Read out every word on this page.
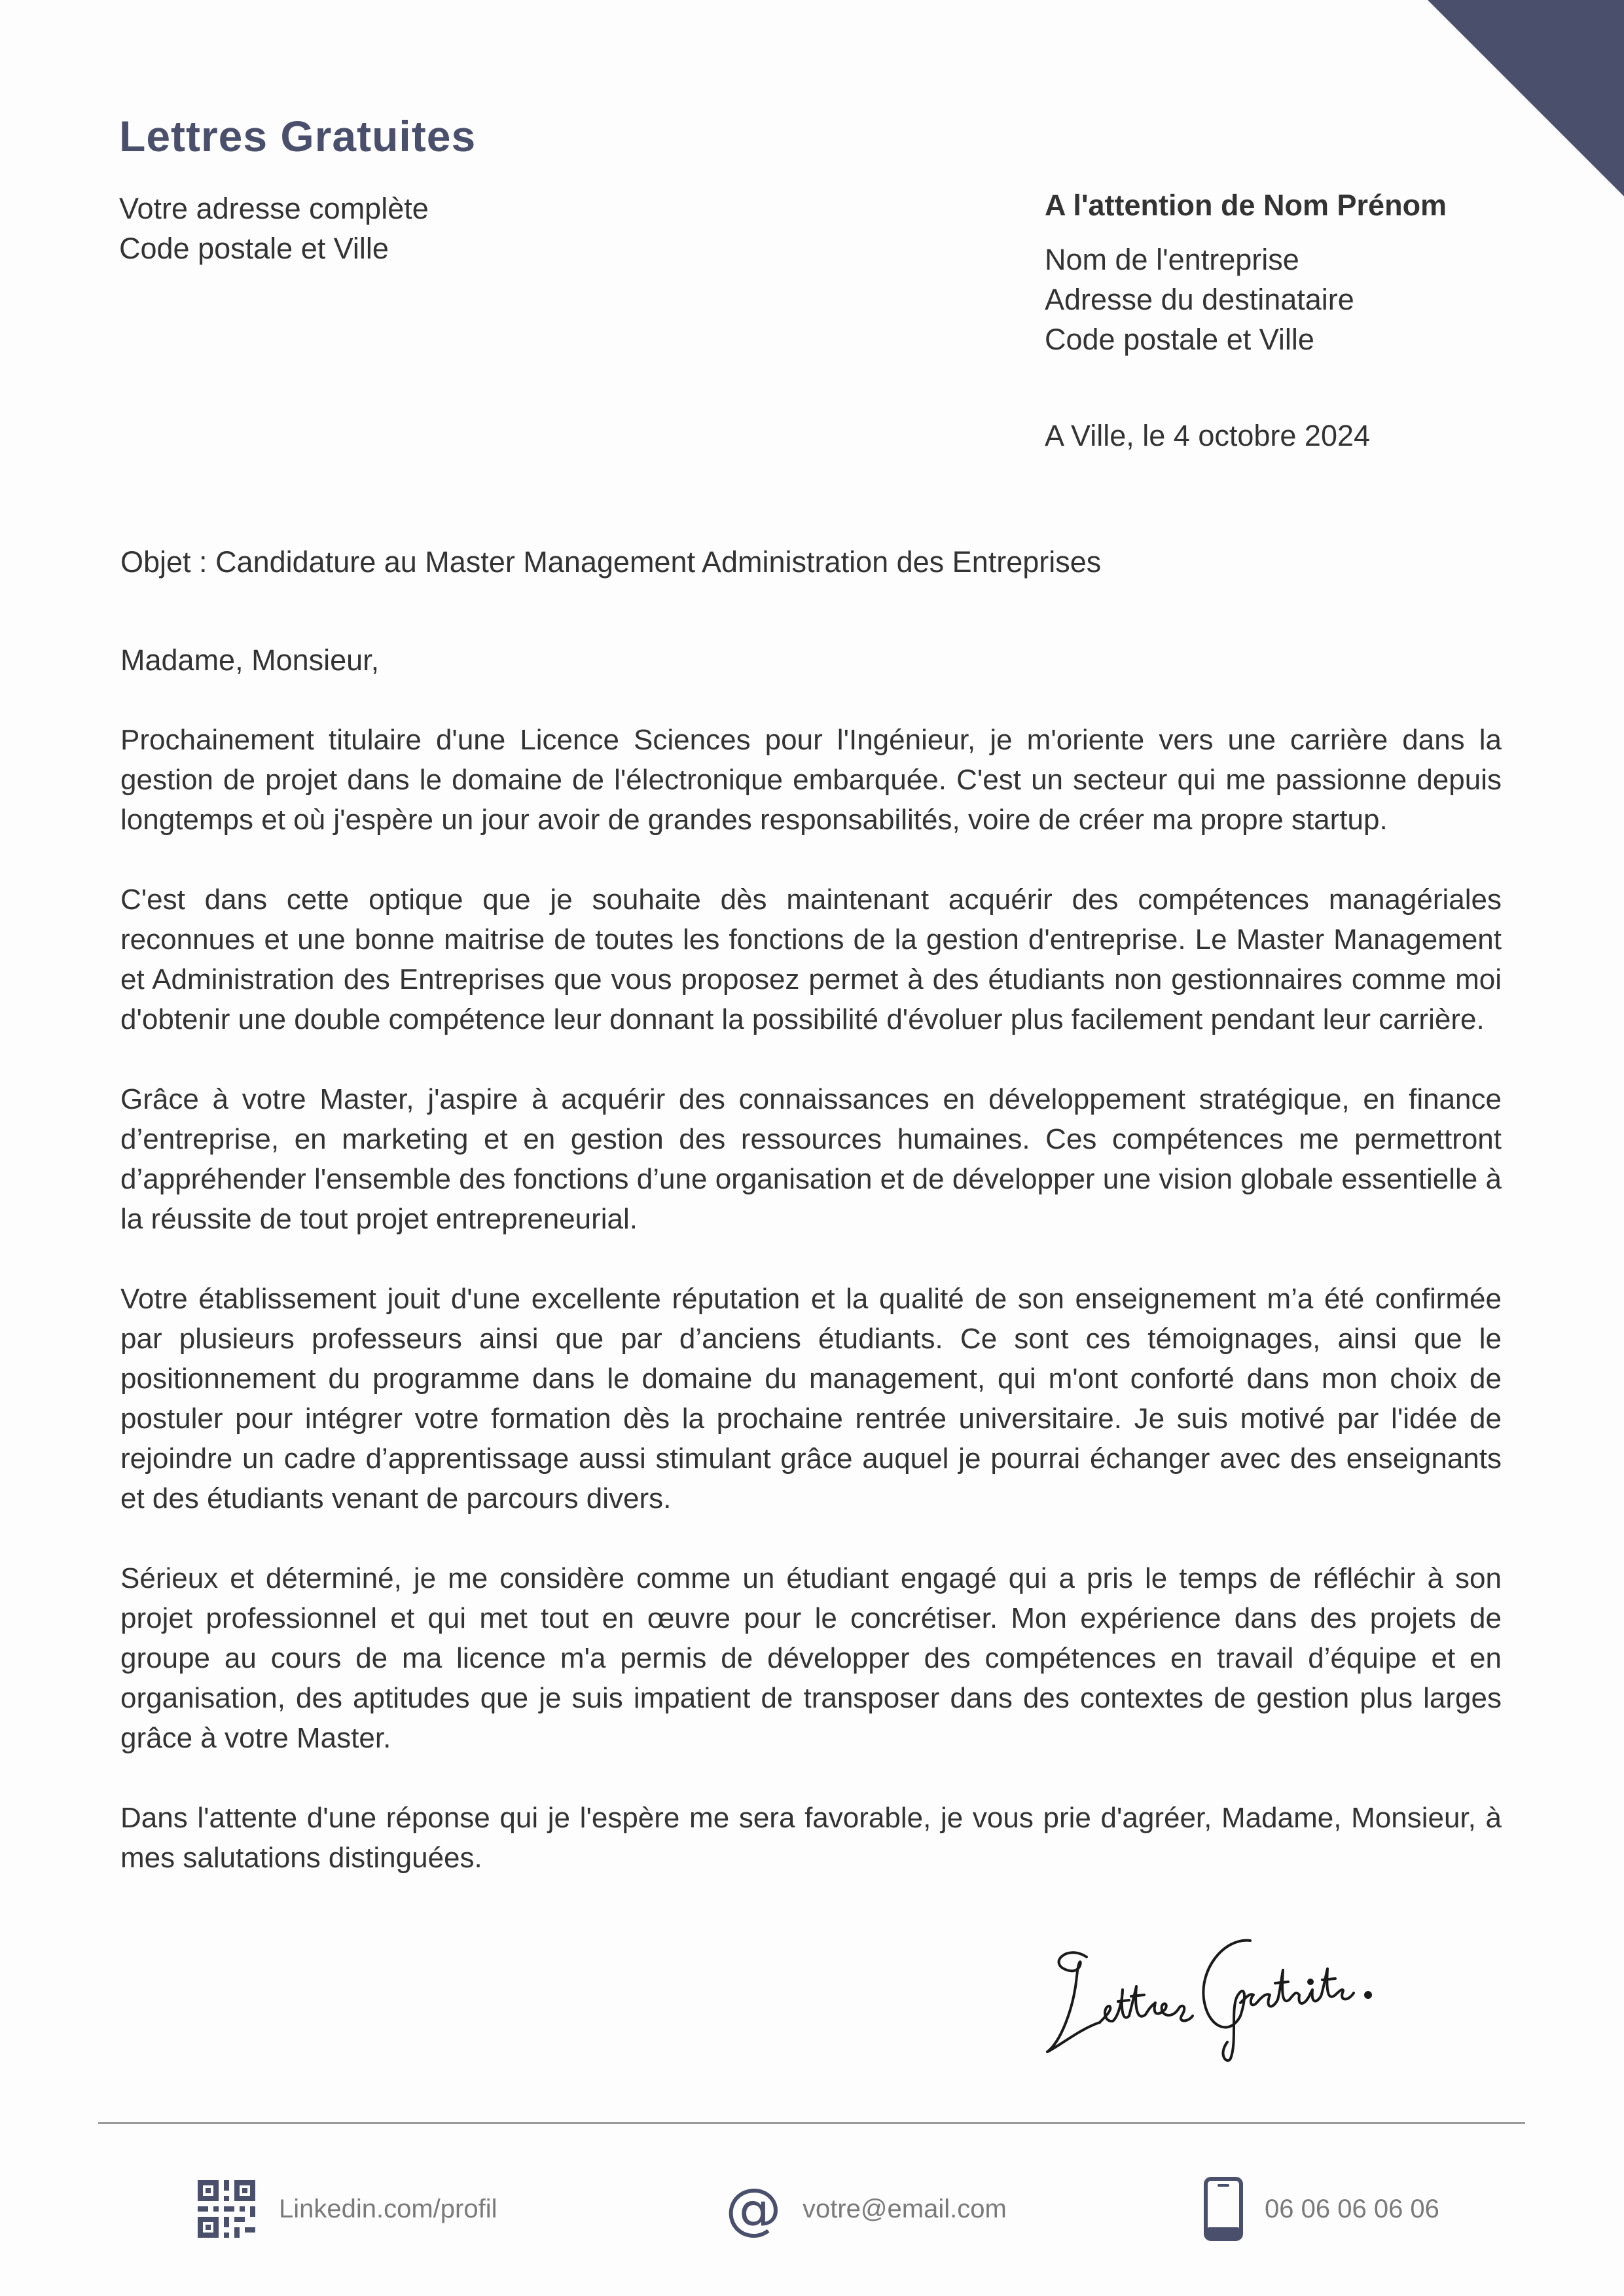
Lettres Gratuites
Votre adresse complète
Code postale et Ville
A l'attention de Nom Prénom
Nom de l'entreprise
Adresse du destinataire
Code postale et Ville
A Ville, le 4 octobre 2024
Objet : Candidature au Master Management Administration des Entreprises
Madame, Monsieur,

Prochainement titulaire d'une Licence Sciences pour l'Ingénieur, je m'oriente vers une carrière dans la gestion de projet dans le domaine de l'électronique embarquée. C'est un secteur qui me passionne depuis longtemps et où j'espère un jour avoir de grandes responsabilités, voire de créer ma propre startup.

C'est dans cette optique que je souhaite dès maintenant acquérir des compétences managériales reconnues et une bonne maitrise de toutes les fonctions de la gestion d'entreprise. Le Master Management et Administration des Entreprises que vous proposez permet à des étudiants non gestionnaires comme moi d'obtenir une double compétence leur donnant la possibilité d'évoluer plus facilement pendant leur carrière.

Grâce à votre Master, j'aspire à acquérir des connaissances en développement stratégique, en finance d’entreprise, en marketing et en gestion des ressources humaines. Ces compétences me permettront d’appréhender l'ensemble des fonctions d’une organisation et de développer une vision globale essentielle à la réussite de tout projet entrepreneurial.

Votre établissement jouit d'une excellente réputation et la qualité de son enseignement m’a été confirmée par plusieurs professeurs ainsi que par d’anciens étudiants. Ce sont ces témoignages, ainsi que le positionnement du programme dans le domaine du management, qui m'ont conforté dans mon choix de postuler pour intégrer votre formation dès la prochaine rentrée universitaire. Je suis motivé par l'idée de rejoindre un cadre d’apprentissage aussi stimulant grâce auquel je pourrai échanger avec des enseignants et des étudiants venant de parcours divers.

Sérieux et déterminé, je me considère comme un étudiant engagé qui a pris le temps de réfléchir à son projet professionnel et qui met tout en œuvre pour le concrétiser. Mon expérience dans des projets de groupe au cours de ma licence m'a permis de développer des compétences en travail d’équipe et en organisation, des aptitudes que je suis impatient de transposer dans des contextes de gestion plus larges grâce à votre Master.

Dans l'attente d'une réponse qui je l'espère me sera favorable, je vous prie d'agréer, Madame, Monsieur, à mes salutations distinguées.

Linkedin.com/profil	@ votre@email.com	06 06 06 06 06
